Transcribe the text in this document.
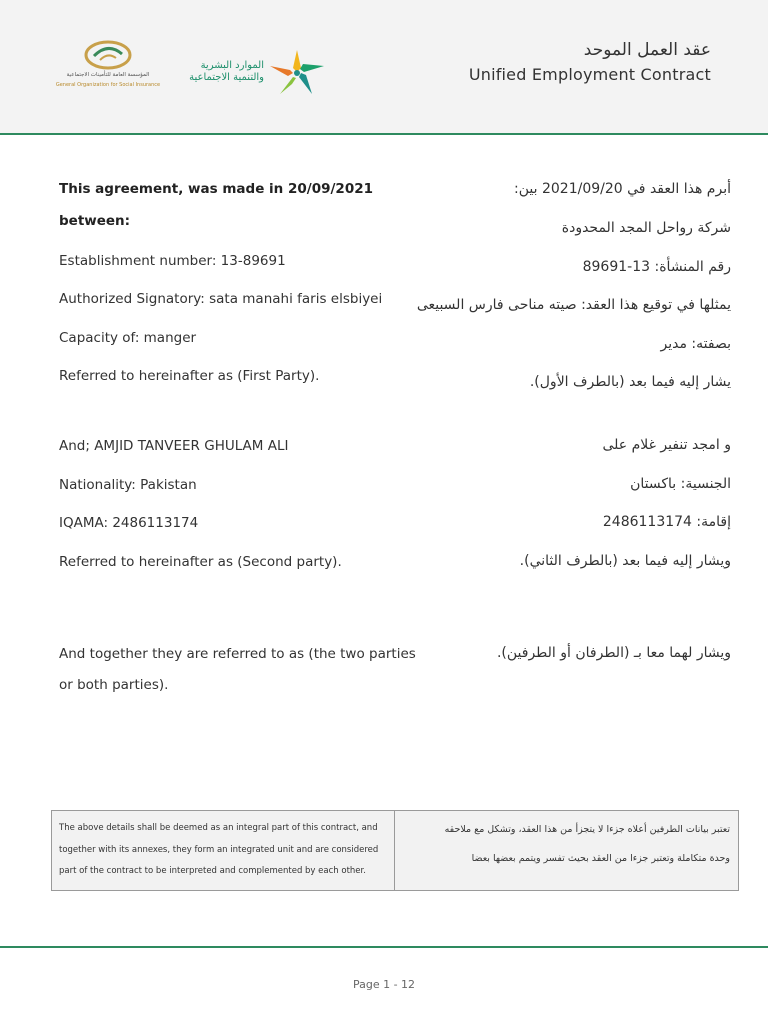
المؤسسة العامة للتأمينات الاجتماعية
General Organization for Social Insurance
الموارد البشرية
والتنمية الاجتماعية
عقد العمل الموحد
Unified Employment Contract
This agreement, was made in 20/09/2021
between:
أبرم هذا العقد في 2021/09/20 بين:
شركة رواحل المجد المحدودة
Establishment number: 13-89691	رقم المنشأة: 13-89691
Authorized Signatory: sata manahi faris elsbiyei يمثلها في توقيع هذا العقد: صيته مناحى فارس السبيعى
Capacity of: manger	بصفته: مدير
Referred to hereinafter as (First Party).	يشار إليه فيما بعد (بالطرف الأول).
And; AMJID TANVEER GHULAM ALI	و امجد تنفير غلام على
Nationality: Pakistan	الجنسية: باكستان
IQAMA: 2486113174	إقامة: 2486113174
Referred to hereinafter as (Second party).	ويشار إليه فيما بعد (بالطرف الثاني).
And together they are referred to as (the two parties
or both parties).
ويشار لهما معا بـ (الطرفان أو الطرفين).
The above details shall be deemed as an integral part of this contract, and
together with its annexes, they form an integrated unit and are considered
part of the contract to be interpreted and complemented by each other.
تعتبر بيانات الطرفين أعلاه جزءا لا يتجزأ من هذا العقد، وتشكل مع ملاحقه
وحدة متكاملة وتعتبر جزءا من العقد بحيث تفسر ويتمم بعضها بعضا
Page 1 - 12
